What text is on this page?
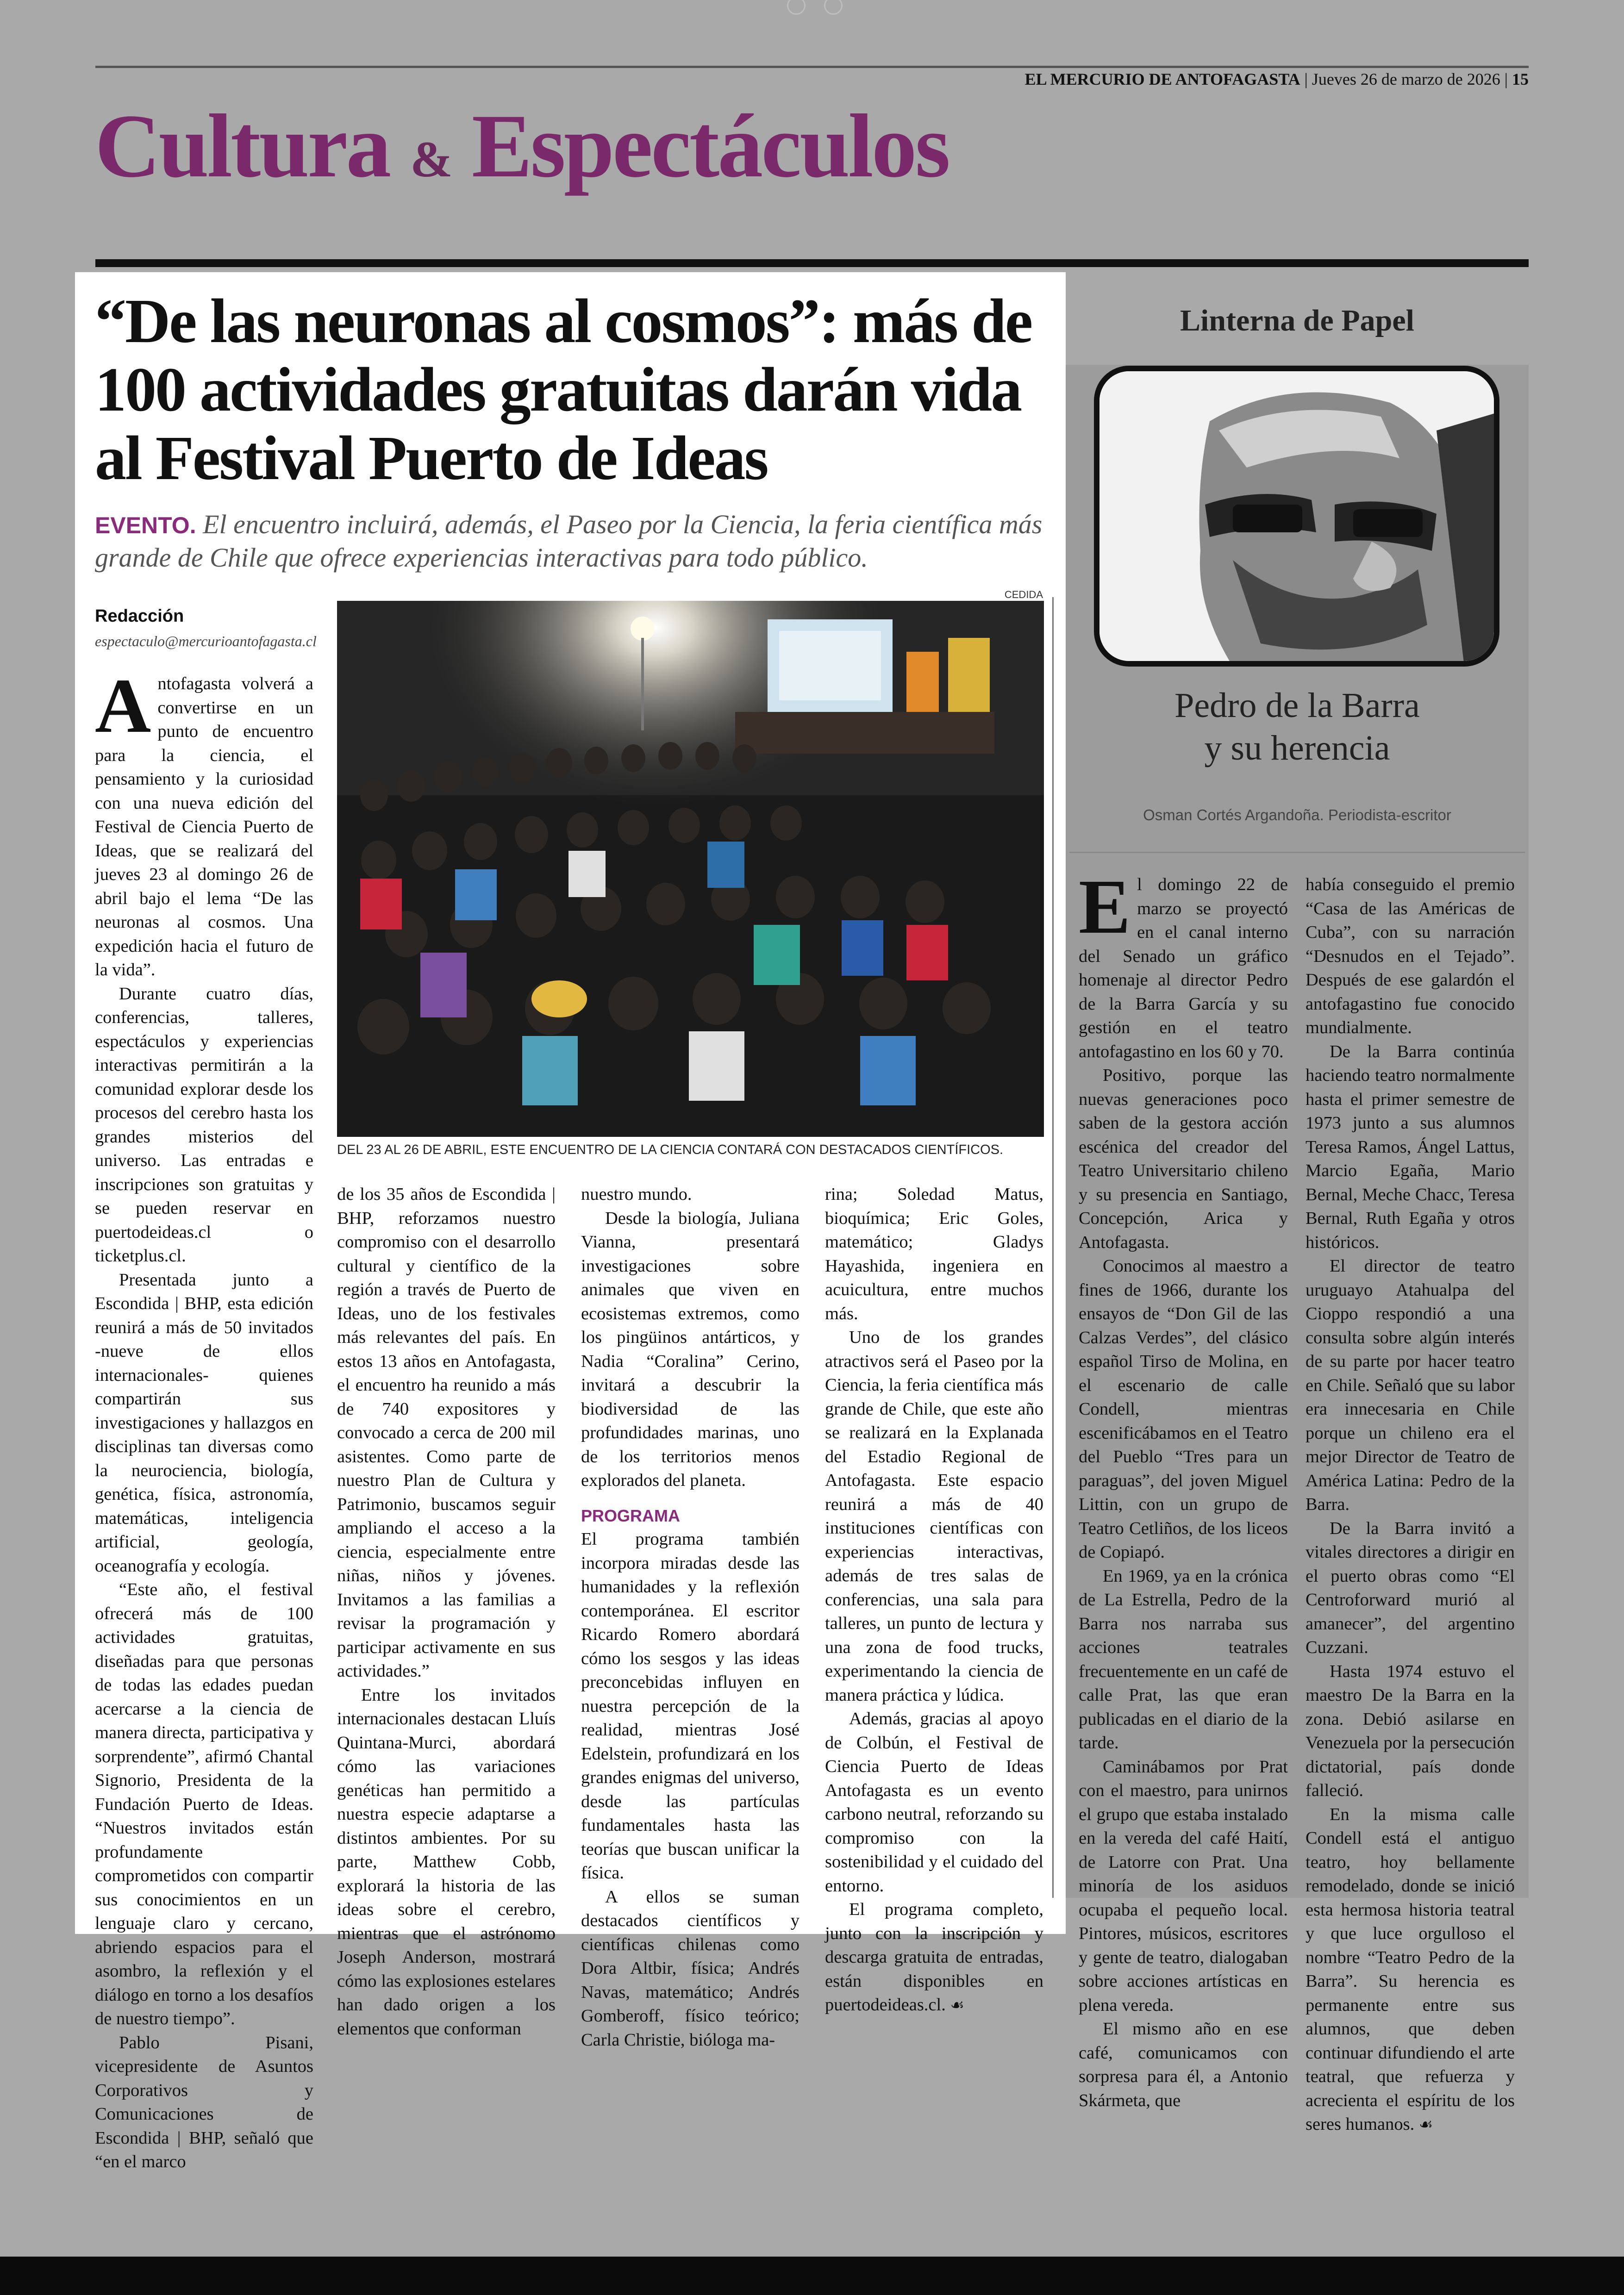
EL MERCURIO DE ANTOFAGASTA | Jueves 26 de marzo de 2026 | 15
Cultura & Espectáculos
“De las neuronas al cosmos”: más de 100 actividades gratuitas darán vida al Festival Puerto de Ideas
EVENTO. El encuentro incluirá, además, el Paseo por la Ciencia, la feria científica más grande de Chile que ofrece experiencias interactivas para todo público.
Redacción
espectaculo@mercurioantofagasta.cl
CEDIDA
DEL 23 AL 26 DE ABRIL, ESTE ENCUENTRO DE LA CIENCIA CONTARÁ CON DESTACADOS CIENTÍFICOS.

Antofagasta volverá a convertirse en un punto de encuentro para la ciencia, el pensamiento y la curiosidad con una nueva edición del Festival de Ciencia Puerto de Ideas, que se realizará del jueves 23 al domingo 26 de abril bajo el lema “De las neuronas al cosmos. Una expedición hacia el futuro de la vida”.

Durante cuatro días, conferencias, talleres, espectáculos y experiencias interactivas permitirán a la comunidad explorar desde los procesos del cerebro hasta los grandes misterios del universo. Las entradas e inscripciones son gratuitas y se pueden reservar en puertodeideas.cl o ticketplus.cl.

Presentada junto a Escondida | BHP, esta edición reunirá a más de 50 invitados -nueve de ellos internacionales- quienes compartirán sus investigaciones y hallazgos en disciplinas tan diversas como la neurociencia, biología, genética, física, astronomía, matemáticas, inteligencia artificial, geología, oceanografía y ecología.

“Este año, el festival ofrecerá más de 100 actividades gratuitas, diseñadas para que personas de todas las edades puedan acercarse a la ciencia de manera directa, participativa y sorprendente”, afirmó Chantal Signorio, Presidenta de la Fundación Puerto de Ideas. “Nuestros invitados están profundamente comprometidos con compartir sus conocimientos en un lenguaje claro y cercano, abriendo espacios para el asombro, la reflexión y el diálogo en torno a los desafíos de nuestro tiempo”.

Pablo Pisani, vicepresidente de Asuntos Corporativos y Comunicaciones de Escondida | BHP, señaló que “en el marco

de los 35 años de Escondida | BHP, reforzamos nuestro compromiso con el desarrollo cultural y científico de la región a través de Puerto de Ideas, uno de los festivales más relevantes del país. En estos 13 años en Antofagasta, el encuentro ha reunido a más de 740 expositores y convocado a cerca de 200 mil asistentes. Como parte de nuestro Plan de Cultura y Patrimonio, buscamos seguir ampliando el acceso a la ciencia, especialmente entre niñas, niños y jóvenes. Invitamos a las familias a revisar la programación y participar activamente en sus actividades.”

Entre los invitados internacionales destacan Lluís Quintana-Murci, abordará cómo las variaciones genéticas han permitido a nuestra especie adaptarse a distintos ambientes. Por su parte, Matthew Cobb, explorará la historia de las ideas sobre el cerebro, mientras que el astrónomo Joseph Anderson, mostrará cómo las explosiones estelares han dado origen a los elementos que conforman

nuestro mundo.

Desde la biología, Juliana Vianna, presentará investigaciones sobre animales que viven en ecosistemas extremos, como los pingüinos antárticos, y Nadia “Coralina” Cerino, invitará a descubrir la biodiversidad de las profundidades marinas, uno de los territorios menos explorados del planeta.

PROGRAMA

El programa también incorpora miradas desde las humanidades y la reflexión contemporánea. El escritor Ricardo Romero abordará cómo los sesgos y las ideas preconcebidas influyen en nuestra percepción de la realidad, mientras José Edelstein, profundizará en los grandes enigmas del universo, desde las partículas fundamentales hasta las teorías que buscan unificar la física.

A ellos se suman destacados científicos y científicas chilenas como Dora Altbir, física; Andrés Navas, matemático; Andrés Gomberoff, físico teórico; Carla Christie, bióloga ma-

rina; Soledad Matus, bioquímica; Eric Goles, matemático; Gladys Hayashida, ingeniera en acuicultura, entre muchos más.

Uno de los grandes atractivos será el Paseo por la Ciencia, la feria científica más grande de Chile, que este año se realizará en la Explanada del Estadio Regional de Antofagasta. Este espacio reunirá a más de 40 instituciones científicas con experiencias interactivas, además de tres salas de conferencias, una sala para talleres, un punto de lectura y una zona de food trucks, experimentando la ciencia de manera práctica y lúdica.

Además, gracias al apoyo de Colbún, el Festival de Ciencia Puerto de Ideas Antofagasta es un evento carbono neutral, reforzando su compromiso con la sostenibilidad y el cuidado del entorno.

El programa completo, junto con la inscripción y descarga gratuita de entradas, están disponibles en puertodeideas.cl. ☙

Linterna de Papel
Pedro de la Barra
y su herencia
Osman Cortés Argandoña. Periodista-escritor

El domingo 22 de marzo se proyectó en el canal interno del Senado un gráfico homenaje al director Pedro de la Barra García y su gestión en el teatro antofagastino en los 60 y 70.

Positivo, porque las nuevas generaciones poco saben de la gestora acción escénica del creador del Teatro Universitario chileno y su presencia en Santiago, Concepción, Arica y Antofagasta.

Conocimos al maestro a fines de 1966, durante los ensayos de “Don Gil de las Calzas Verdes”, del clásico español Tirso de Molina, en el escenario de calle Condell, mientras escenificábamos en el Teatro del Pueblo “Tres para un paraguas”, del joven Miguel Littin, con un grupo de Teatro Cetliños, de los liceos de Copiapó.

En 1969, ya en la crónica de La Estrella, Pedro de la Barra nos narraba sus acciones teatrales frecuentemente en un café de calle Prat, las que eran publicadas en el diario de la tarde.

Caminábamos por Prat con el maestro, para unirnos el grupo que estaba instalado en la vereda del café Haití, de Latorre con Prat. Una minoría de los asiduos ocupaba el pequeño local. Pintores, músicos, escritores y gente de teatro, dialogaban sobre acciones artísticas en plena vereda.

El mismo año en ese café, comunicamos con sorpresa para él, a Antonio Skármeta, que

había conseguido el premio “Casa de las Américas de Cuba”, con su narración “Desnudos en el Tejado”. Después de ese galardón el antofagastino fue conocido mundialmente.

De la Barra continúa haciendo teatro normalmente hasta el primer semestre de 1973 junto a sus alumnos Teresa Ramos, Ángel Lattus, Marcio Egaña, Mario Bernal, Meche Chacc, Teresa Bernal, Ruth Egaña y otros históricos.

El director de teatro uruguayo Atahualpa del Cioppo respondió a una consulta sobre algún interés de su parte por hacer teatro en Chile. Señaló que su labor era innecesaria en Chile porque un chileno era el mejor Director de Teatro de América Latina: Pedro de la Barra.

De la Barra invitó a vitales directores a dirigir en el puerto obras como “El Centroforward murió al amanecer”, del argentino Cuzzani.

Hasta 1974 estuvo el maestro De la Barra en la zona. Debió asilarse en Venezuela por la persecución dictatorial, país donde falleció.

En la misma calle Condell está el antiguo teatro, hoy bellamente remodelado, donde se inició esta hermosa historia teatral y que luce orgulloso el nombre “Teatro Pedro de la Barra”. Su herencia es permanente entre sus alumnos, que deben continuar difundiendo el arte teatral, que refuerza y acrecienta el espíritu de los seres humanos. ☙
